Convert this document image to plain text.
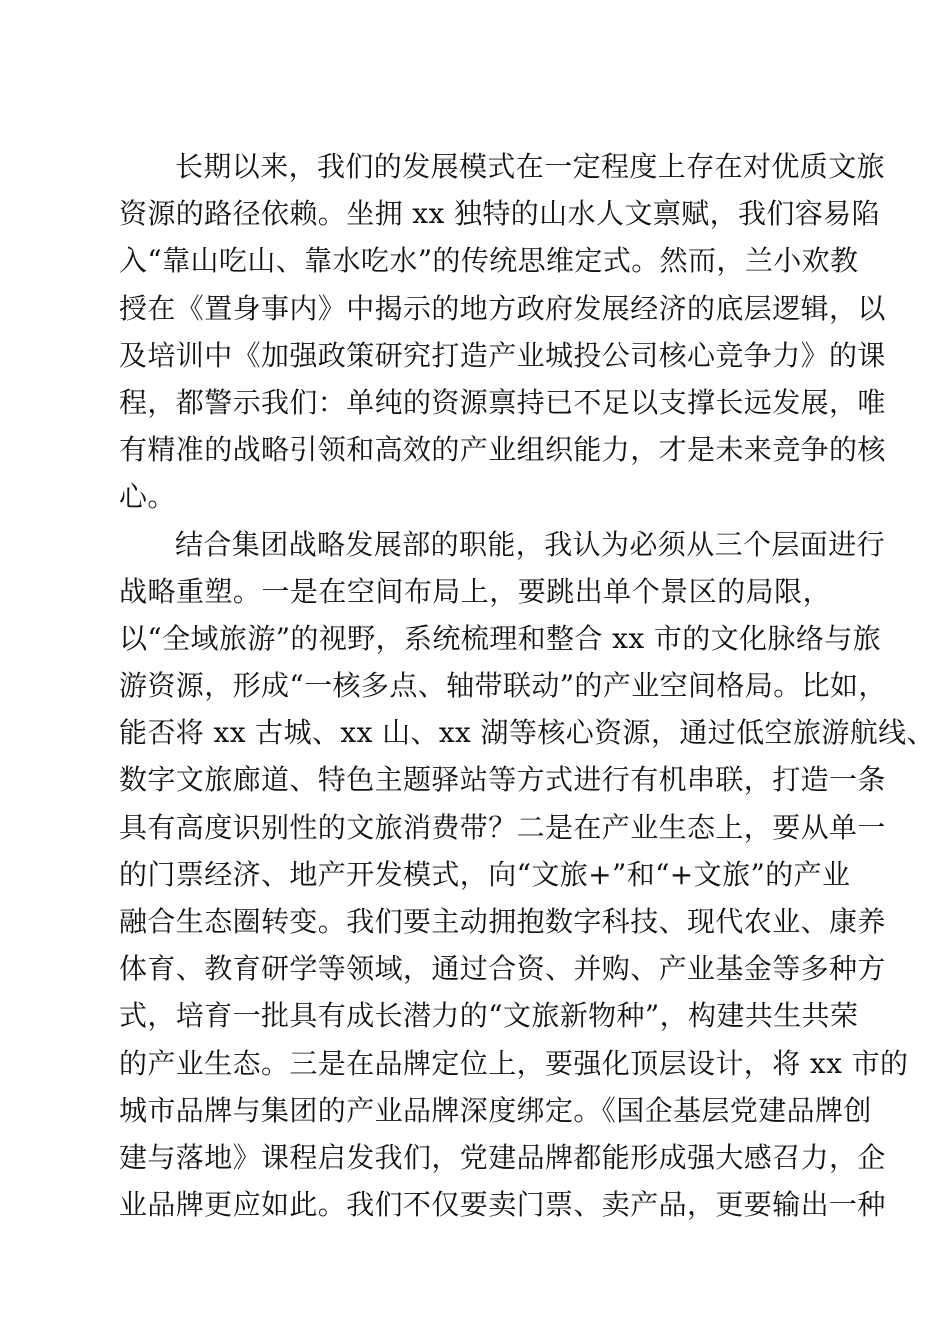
长期以来，我们的发展模式在一定程度上存在对优质文旅
资源的路径依赖。坐拥 xx 独特的山水人文禀赋，我们容易陷
入“靠山吃山、靠水吃水”的传统思维定式。然而，兰小欢教
授在《置身事内》中揭示的地方政府发展经济的底层逻辑，以
及培训中《加强政策研究打造产业城投公司核心竞争力》的课
程，都警示我们：单纯的资源禀持已不足以支撑长远发展，唯
有精准的战略引领和高效的产业组织能力，才是未来竞争的核
心。
结合集团战略发展部的职能，我认为必须从三个层面进行
战略重塑。一是在空间布局上，要跳出单个景区的局限，
以“全域旅游”的视野，系统梳理和整合 xx 市的文化脉络与旅
游资源，形成“一核多点、轴带联动”的产业空间格局。比如，
能否将 xx 古城、xx 山、xx 湖等核心资源，通过低空旅游航线、
数字文旅廊道、特色主题驿站等方式进行有机串联，打造一条
具有高度识别性的文旅消费带？二是在产业生态上，要从单一
的门票经济、地产开发模式，向“文旅+”和“+文旅”的产业
融合生态圈转变。我们要主动拥抱数字科技、现代农业、康养
体育、教育研学等领域，通过合资、并购、产业基金等多种方
式，培育一批具有成长潜力的“文旅新物种”，构建共生共荣
的产业生态。三是在品牌定位上，要强化顶层设计，将 xx 市的
城市品牌与集团的产业品牌深度绑定。《国企基层党建品牌创
建与落地》课程启发我们，党建品牌都能形成强大感召力，企
业品牌更应如此。我们不仅要卖门票、卖产品，更要输出一种
